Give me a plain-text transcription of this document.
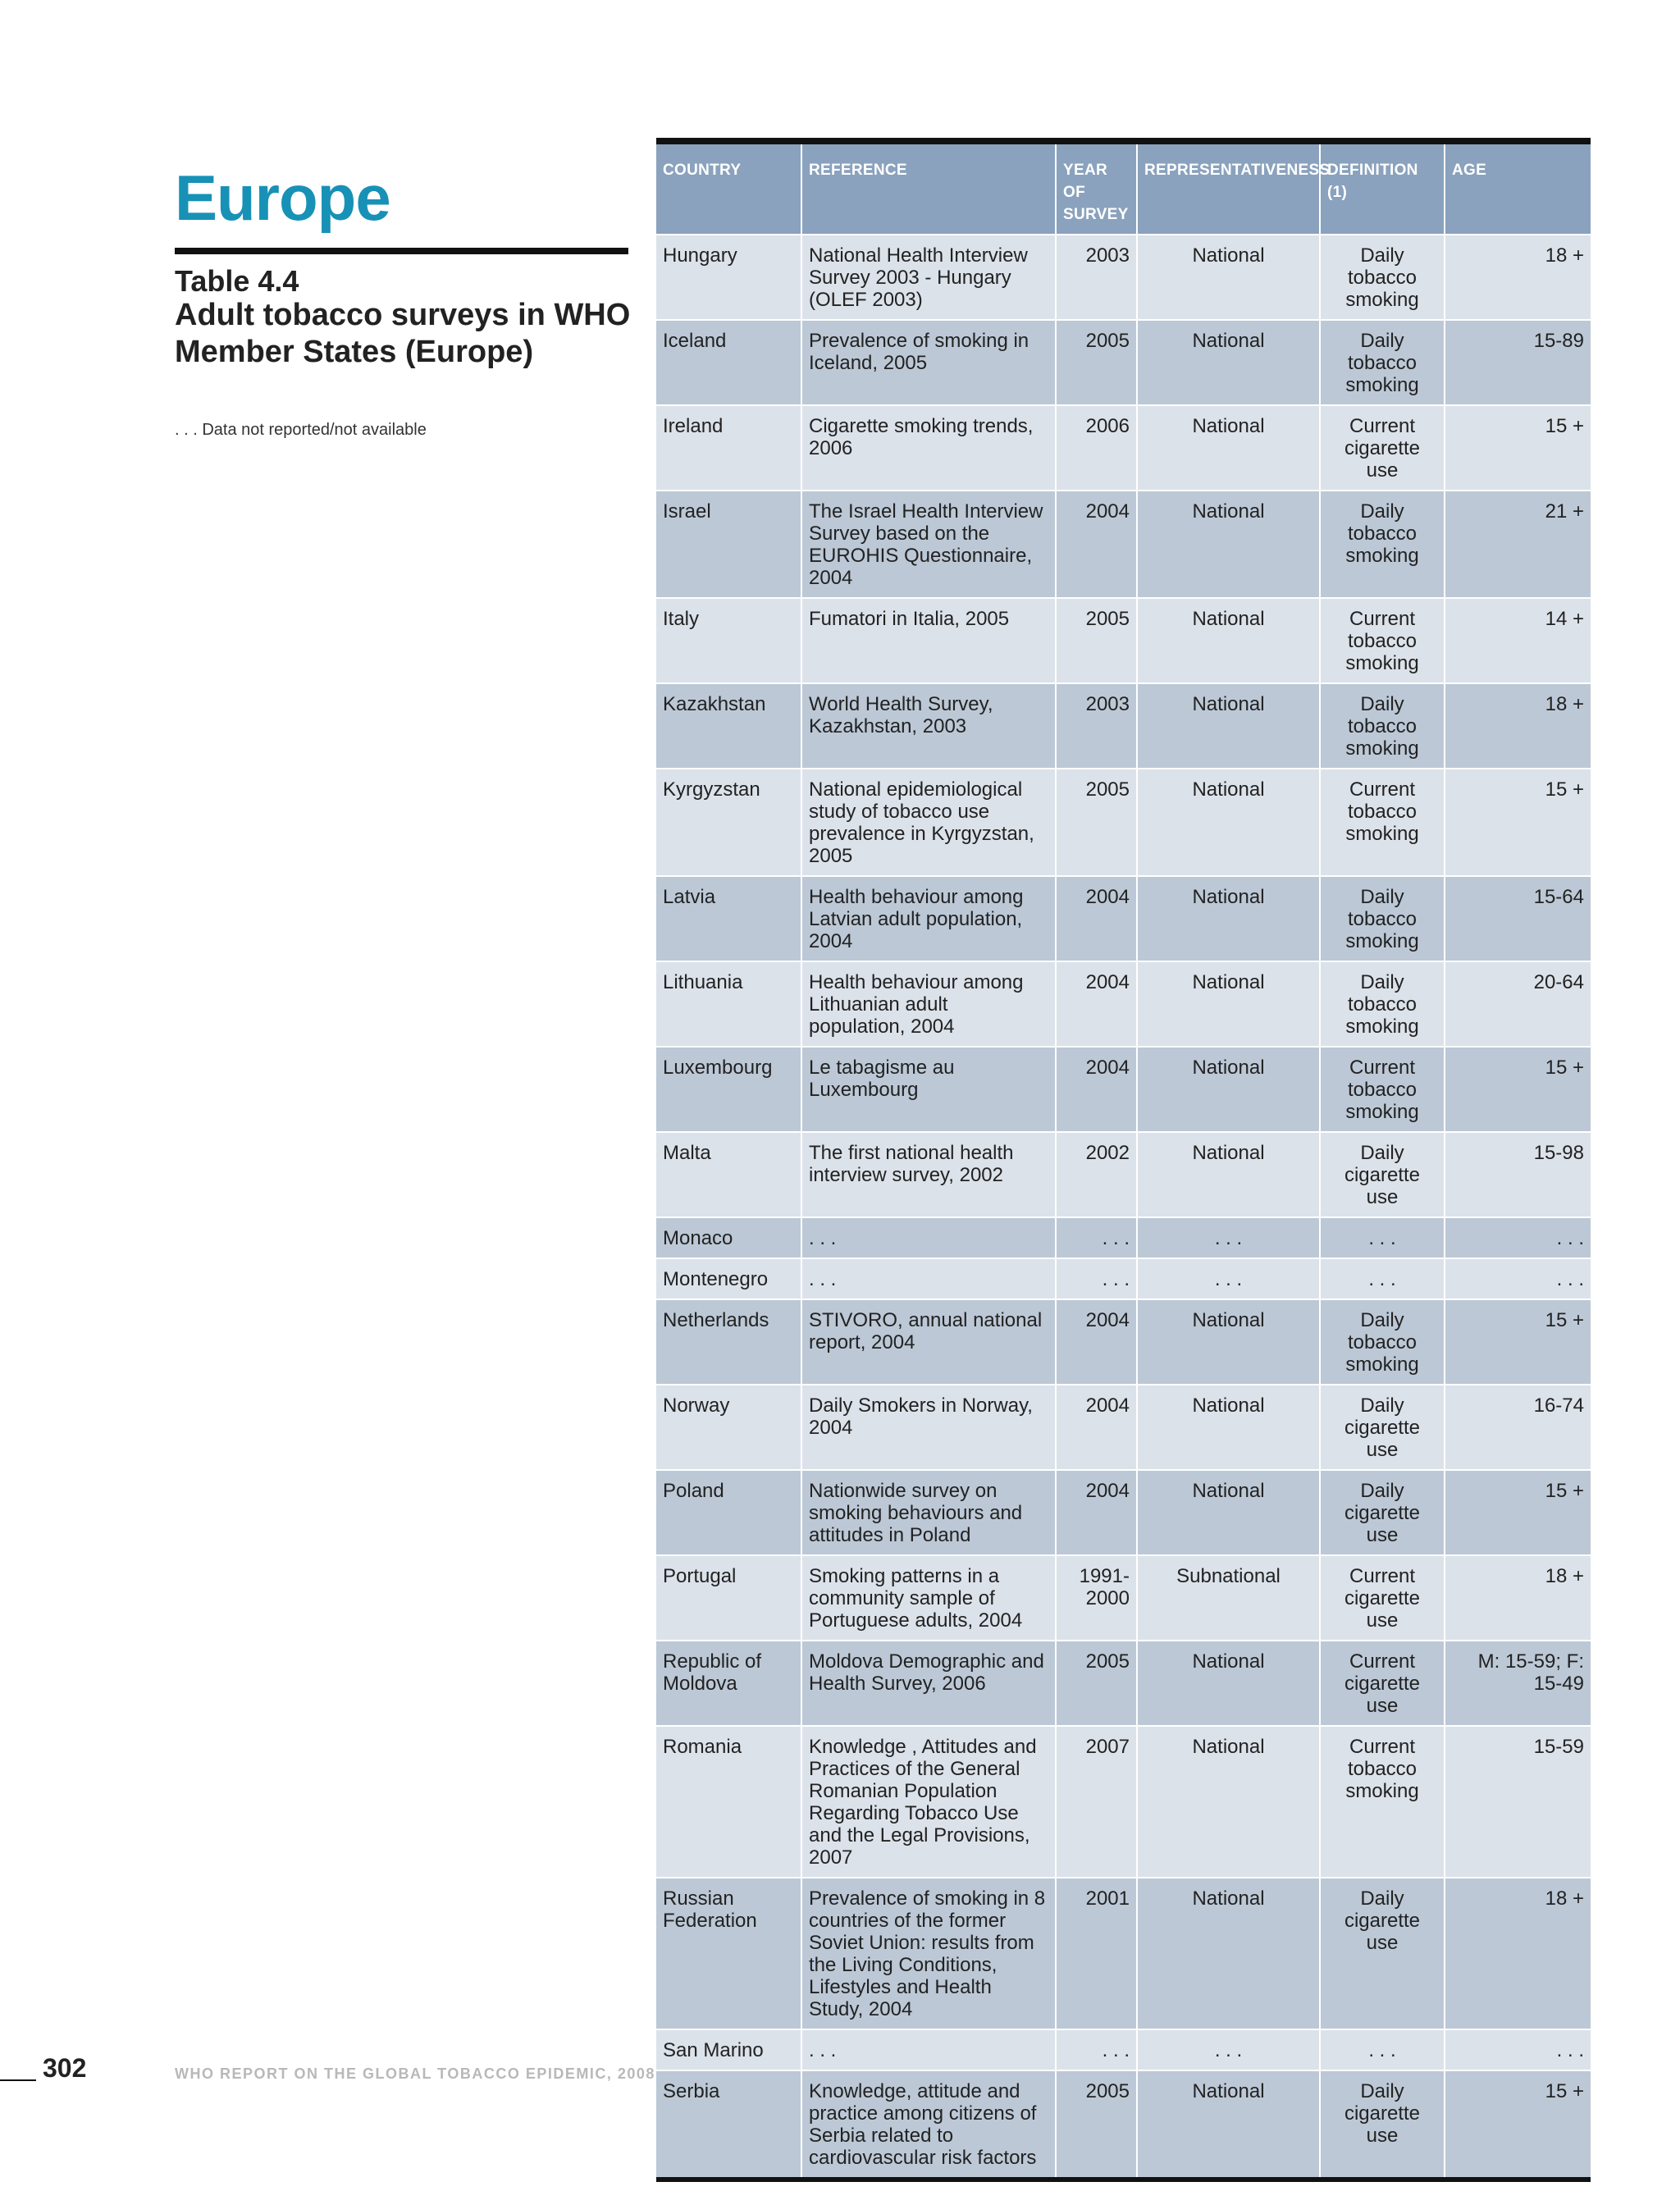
Europe
Table 4.4
Adult tobacco surveys in WHO Member States (Europe)
. . . Data not reported/not available
COUNTRY	REFERENCE	YEAR OF SURVEY	REPRESENTATIVENESS	DEFINITION (1)	AGE
Hungary	National Health Interview Survey 2003 - Hungary (OLEF 2003)	2003	National	Daily tobacco smoking	18 +
Iceland	Prevalence of smoking in Iceland, 2005	2005	National	Daily tobacco smoking	15-89
Ireland	Cigarette smoking trends, 2006	2006	National	Current cigarette use	15 +
Israel	The Israel Health Interview Survey based on the EUROHIS Questionnaire, 2004	2004	National	Daily tobacco smoking	21 +
Italy	Fumatori in Italia, 2005	2005	National	Current tobacco smoking	14 +
Kazakhstan	World Health Survey, Kazakhstan, 2003	2003	National	Daily tobacco smoking	18 +
Kyrgyzstan	National epidemiological study of tobacco use prevalence in Kyrgyzstan, 2005	2005	National	Current tobacco smoking	15 +
Latvia	Health behaviour among Latvian adult population, 2004	2004	National	Daily tobacco smoking	15-64
Lithuania	Health behaviour among Lithuanian adult population, 2004	2004	National	Daily tobacco smoking	20-64
Luxembourg	Le tabagisme au Luxembourg	2004	National	Current tobacco smoking	15 +
Malta	The first national health interview survey, 2002	2002	National	Daily cigarette use	15-98
Monaco	. . .	. . .	. . .	. . .	. . .
Montenegro	. . .	. . .	. . .	. . .	. . .
Netherlands	STIVORO, annual national report, 2004	2004	National	Daily tobacco smoking	15 +
Norway	Daily Smokers in Norway, 2004	2004	National	Daily cigarette use	16-74
Poland	Nationwide survey on smoking behaviours and attitudes in Poland	2004	National	Daily cigarette use	15 +
Portugal	Smoking patterns in a community sample of Portuguese adults, 2004	1991-2000	Subnational	Current cigarette use	18 +
Republic of Moldova	Moldova Demographic and Health Survey, 2006	2005	National	Current cigarette use	M: 15-59; F: 15-49
Romania	Knowledge , Attitudes and Practices of the General Romanian Population Regarding Tobacco Use and the Legal Provisions, 2007	2007	National	Current tobacco smoking	15-59
Russian Federation	Prevalence of smoking in 8 countries of the former Soviet Union: results from the Living Conditions, Lifestyles and Health Study, 2004	2001	National	Daily cigarette use	18 +
San Marino	. . .	. . .	. . .	. . .	. . .
Serbia	Knowledge, attitude and practice among citizens of Serbia related to cardiovascular risk factors	2005	National	Daily cigarette use	15 +
302	WHO REPORT ON THE GLOBAL TOBACCO EPIDEMIC, 2008
